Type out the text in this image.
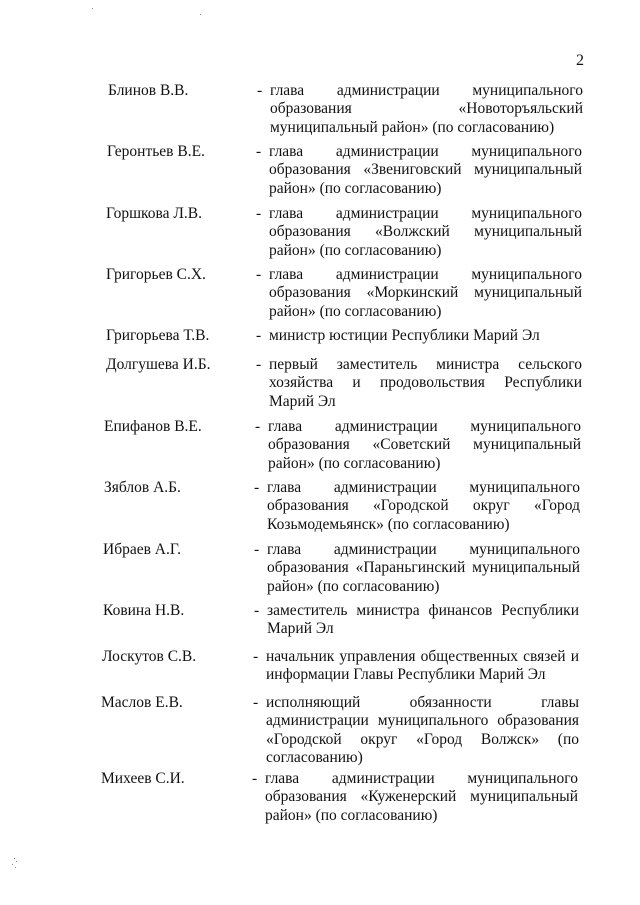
2
Блинов В.В.	- глава администрации муниципального образования «Новоторъяльский муниципальный район» (по согласованию)
Геронтьев В.Е.	- глава администрации муниципального образования «Звениговский муниципальный район» (по согласованию)
Горшкова Л.В.	- глава администрации муниципального образования «Волжский муниципальный район» (по согласованию)
Григорьев С.Х.	- глава администрации муниципального образования «Моркинский муниципальный район» (по согласованию)
Григорьева Т.В.	- министр юстиции Республики Марий Эл
Долгушева И.Б.	- первый заместитель министра сельского хозяйства и продовольствия Республики Марий Эл
Епифанов В.Е.	- глава администрации муниципального образования «Советский муниципальный район» (по согласованию)
Зяблов А.Б.	- глава администрации муниципального образования «Городской округ «Город Козьмодемьянск» (по согласованию)
Ибраев А.Г.	- глава администрации муниципального образования «Параньгинский муниципальный район» (по согласованию)
Ковина Н.В.	- заместитель министра финансов Республики Марий Эл
Лоскутов С.В.	- начальник управления общественных связей и информации Главы Республики Марий Эл
Маслов Е.В.	- исполняющий обязанности главы администрации муниципального образования «Городской округ «Город Волжск» (по согласованию)
Михеев С.И.	- глава администрации муниципального образования «Куженерский муниципальный район» (по согласованию)
